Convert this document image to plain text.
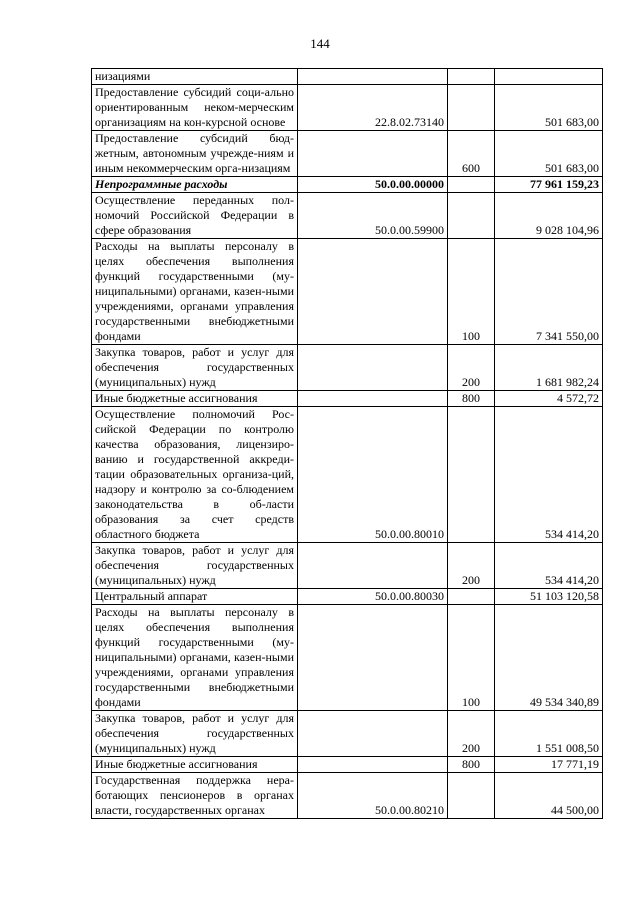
144
низациями			
Предоставление субсидий соци-ально ориентированным неком-мерческим организациям на кон-курсной основе	22.8.02.73140		501 683,00
Предоставление субсидий бюд-жетным, автономным учрежде-ниям и иным некоммерческим орга-низациям		600	501 683,00
Непрограммные расходы	50.0.00.00000		77 961 159,23
Осуществление переданных пол-номочий Российской Федерации в сфере образования	50.0.00.59900		9 028 104,96
Расходы на выплаты персоналу в целях обеспечения выполнения функций государственными (му-ниципальными) органами, казен-ными учреждениями, органами управления государственными внебюджетными фондами		100	7 341 550,00
Закупка товаров, работ и услуг для обеспечения государственных (муниципальных) нужд		200	1 681 982,24
Иные бюджетные ассигнования		800	4 572,72
Осуществление полномочий Рос-сийской Федерации по контролю качества образования, лицензиро-ванию и государственной аккреди-тации образовательных организа-ций, надзору и контролю за со-блюдением законодательства в об-ласти образования за счет средств областного бюджета	50.0.00.80010		534 414,20
Закупка товаров, работ и услуг для обеспечения государственных (муниципальных) нужд		200	534 414,20
Центральный аппарат	50.0.00.80030		51 103 120,58
Расходы на выплаты персоналу в целях обеспечения выполнения функций государственными (му-ниципальными) органами, казен-ными учреждениями, органами управления государственными внебюджетными фондами		100	49 534 340,89
Закупка товаров, работ и услуг для обеспечения государственных (муниципальных) нужд		200	1 551 008,50
Иные бюджетные ассигнования		800	17 771,19
Государственная поддержка нера-ботающих пенсионеров в органах власти, государственных органах	50.0.00.80210		44 500,00
